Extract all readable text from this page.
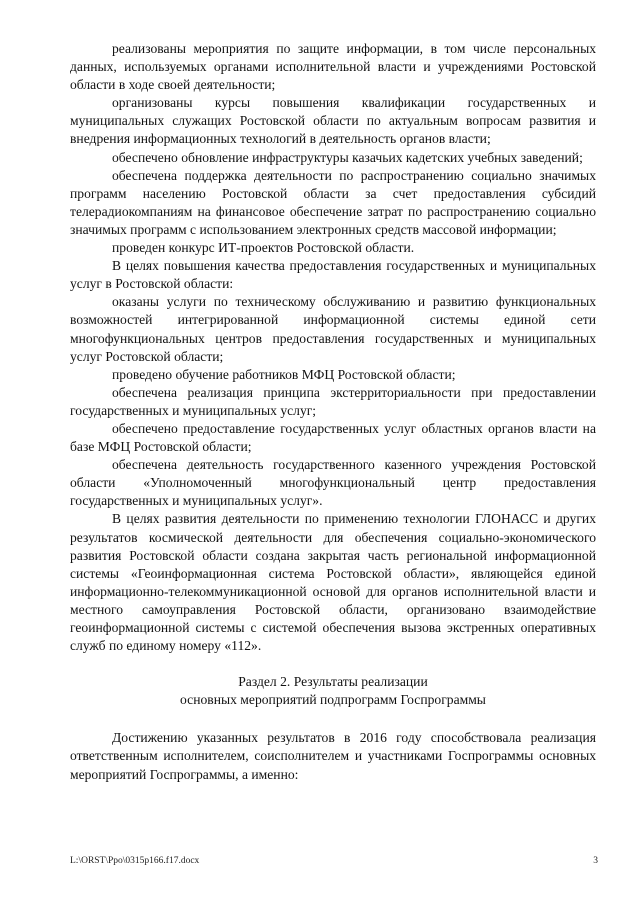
реализованы мероприятия по защите информации, в том числе персональных данных, используемых органами исполнительной власти и учреждениями Ростовской области в ходе своей деятельности;

организованы курсы повышения квалификации государственных и муниципальных служащих Ростовской области по актуальным вопросам развития и внедрения информационных технологий в деятельность органов власти;

обеспечено обновление инфраструктуры казачьих кадетских учебных заведений;

обеспечена поддержка деятельности по распространению социально значимых программ населению Ростовской области за счет предоставления субсидий телерадиокомпаниям на финансовое обеспечение затрат по распространению социально значимых программ с использованием электронных средств массовой информации;

проведен конкурс ИТ-проектов Ростовской области.

В целях повышения качества предоставления государственных и муниципальных услуг в Ростовской области:

оказаны услуги по техническому обслуживанию и развитию функциональных возможностей интегрированной информационной системы единой сети многофункциональных центров предоставления государственных и муниципальных услуг Ростовской области;

проведено обучение работников МФЦ Ростовской области;

обеспечена реализация принципа экстерриториальности при предоставлении государственных и муниципальных услуг;

обеспечено предоставление государственных услуг областных органов власти на базе МФЦ Ростовской области;

обеспечена деятельность государственного казенного учреждения Ростовской области «Уполномоченный многофункциональный центр предоставления государственных и муниципальных услуг».

В целях развития деятельности по применению технологии ГЛОНАСС и других результатов космической деятельности для обеспечения социально-экономического развития Ростовской области создана закрытая часть региональной информационной системы «Геоинформационная система Ростовской области», являющейся единой информационно-телекоммуникационной основой для органов исполнительной власти и местного самоуправления Ростовской области, организовано взаимодействие геоинформационной системы с системой обеспечения вызова экстренных оперативных служб по единому номеру «112».

Раздел 2. Результаты реализации

основных мероприятий подпрограмм Госпрограммы

Достижению указанных результатов в 2016 году способствовала реализация ответственным исполнителем, соисполнителем и участниками Госпрограммы основных мероприятий Госпрограммы, а именно:

L:\ORST\Ppo\0315p166.f17.docx	3
